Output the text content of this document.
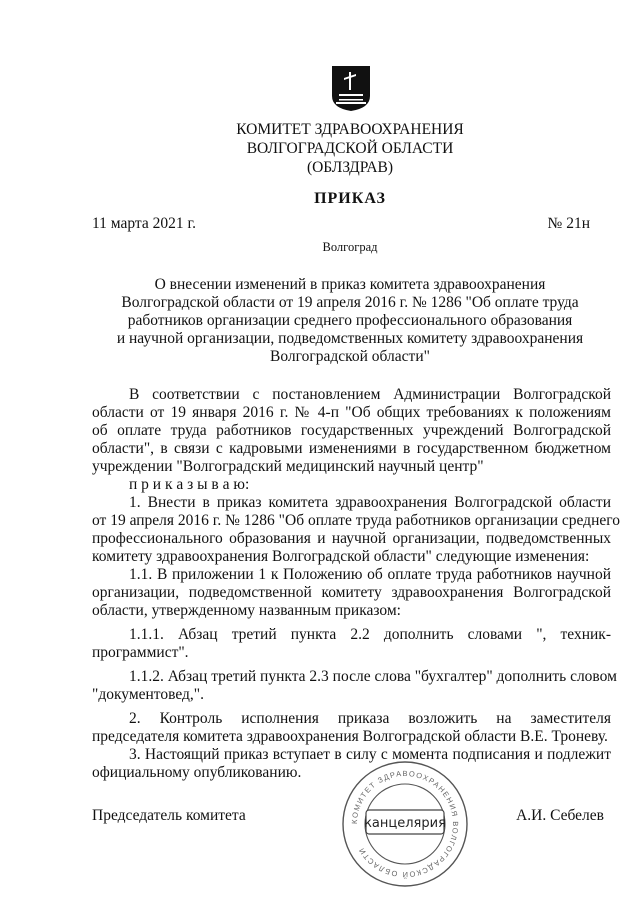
КОМИТЕТ ЗДРАВООХРАНЕНИЯ
ВОЛГОГРАДСКОЙ ОБЛАСТИ
(ОБЛЗДРАВ)
ПРИКАЗ
11 марта 2021 г.	№ 21н
Волгоград
О внесении изменений в приказ комитета здравоохранения
Волгоградской области от 19 апреля 2016 г. № 1286 "Об оплате труда
работников организации среднего профессионального образования
и научной организации, подведомственных комитету здравоохранения
Волгоградской области"
В соответствии с постановлением Администрации Волгоградской
области от 19 января 2016 г. № 4-п "Об общих требованиях к положениям
об оплате труда работников государственных учреждений Волгоградской
области", в связи с кадровыми изменениями в государственном бюджетном
учреждении "Волгоградский медицинский научный центр"
п р и к а з ы в а ю:
1. Внести в приказ комитета здравоохранения Волгоградской области
от 19 апреля 2016 г. № 1286 "Об оплате труда работников организации среднего
профессионального образования и научной организации, подведомственных
комитету здравоохранения Волгоградской области" следующие изменения:
1.1. В приложении 1 к Положению об оплате труда работников научной
организации, подведомственной комитету здравоохранения Волгоградской
области, утвержденному названным приказом:
1.1.1. Абзац третий пункта 2.2 дополнить словами ", техник-
программист".
1.1.2. Абзац третий пункта 2.3 после слова "бухгалтер" дополнить словом
"документовед,".
2. Контроль исполнения приказа возложить на заместителя
председателя комитета здравоохранения Волгоградской области В.Е. Троневу.
3. Настоящий приказ вступает в силу с момента подписания и подлежит
официальному опубликованию.
Председатель комитета	КОМИТЕТ ЗДРАВООХРАНЕНИЯ ВОЛГОГРАДСКОЙ ОБЛАСТИ
канцелярия	А.И. Себелев
